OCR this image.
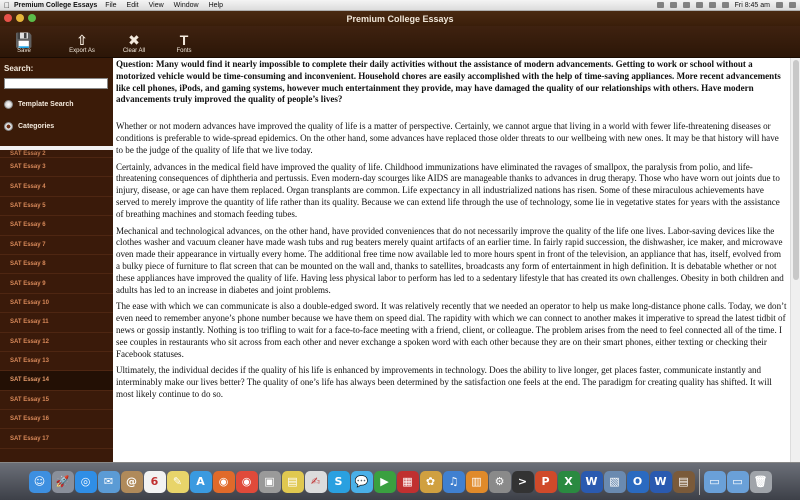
Premium College Essays File Edit View Window Help	Fri 8:45 am
Premium College Essays
💾
Save
⇧
Export As
✖
Clear All
T
Fonts
Search:
Template Search
Categories
SAT Essay 2
SAT Essay 3
SAT Essay 4
SAT Essay 5
SAT Essay 6
SAT Essay 7
SAT Essay 8
SAT Essay 9
SAT Essay 10
SAT Essay 11
SAT Essay 12
SAT Essay 13
SAT Essay 14
SAT Essay 15
SAT Essay 16
SAT Essay 17

Question: Many would find it nearly impossible to complete their daily activities without the assistance of modern advancements. Getting to work or school without a motorized vehicle would be time-consuming and inconvenient. Household chores are easily accomplished with the help of time-saving appliances. More recent advancements like cell phones, iPods, and gaming systems, however much entertainment they provide, may have damaged the quality of our relationships with others. Have modern advancements truly improved the quality of people’s lives?

Whether or not modern advances have improved the quality of life is a matter of perspective. Certainly, we cannot argue that living in a world with fewer life-threatening diseases or conditions is preferable to wide-spread epidemics. On the other hand, some advances have replaced those older threats to our wellbeing with new ones. It may be that history will have to be the judge of the quality of life that we live today.

Certainly, advances in the medical field have improved the quality of life. Childhood immunizations have eliminated the ravages of smallpox, the paralysis from polio, and life-threatening consequences of diphtheria and pertussis. Even modern-day scourges like AIDS are manageable thanks to advances in drug therapy. Those who have worn out joints due to injury, disease, or age can have them replaced. Organ transplants are common. Life expectancy in all industrialized nations has risen. Some of these miraculous achievements have served to merely improve the quantity of life rather than its quality. Because we can extend life through the use of technology, some lie in vegetative states for years with the assistance of breathing machines and stomach feeding tubes.

Mechanical and technological advances, on the other hand, have provided conveniences that do not necessarily improve the quality of the life one lives. Labor-saving devices like the clothes washer and vacuum cleaner have made wash tubs and rug beaters merely quaint artifacts of an earlier time. In fairly rapid succession, the dishwasher, ice maker, and microwave oven made their appearance in virtually every home. The additional free time now available led to more hours spent in front of the television, an appliance that has, itself, evolved from a bulky piece of furniture to flat screen that can be mounted on the wall and, thanks to satellites, broadcasts any form of entertainment in high definition. It is debatable whether or not these appliances have improved the quality of life. Having less physical labor to perform has led to a sedentary lifestyle that has created its own challenges. Obesity in both children and adults has led to an increase in diabetes and joint problems.

The ease with which we can communicate is also a double-edged sword. It was relatively recently that we needed an operator to help us make long-distance phone calls. Today, we don’t even need to remember anyone’s phone number because we have them on speed dial. The rapidity with which we can connect to another makes it imperative to spread the latest tidbit of news or gossip instantly. Nothing is too trifling to wait for a face-to-face meeting with a friend, client, or colleague. The problem arises from the need to feel connected all of the time. I see couples in restaurants who sit across from each other and never exchange a spoken word with each other because they are on their smart phones, either texting or checking their Facebook statuses.

Ultimately, the individual decides if the quality of his life is enhanced by improvements in technology. Does the ability to live longer, get places faster, communicate instantly and interminably make our lives better? The quality of one’s life has always been determined by the satisfaction one feels at the end. The paradigm for creating quality has shifted. It will most likely continue to do so.

☺ 🚀	◎	✉	@	6	✎	A	◉	◉	▣	▤	✍	S	💬	▶	▦	✿	♫	▥	⚙	>	P	X	W	▧	O	W	▤	▭	▭ 🗑
